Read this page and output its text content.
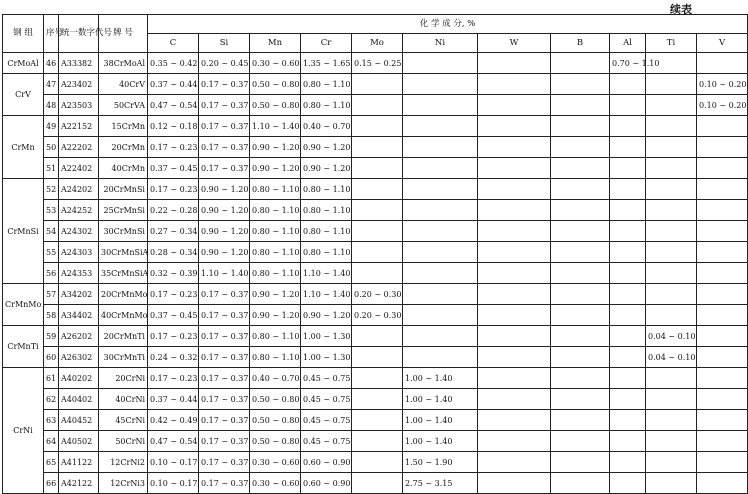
续表
钢 组	序号	统一数字代号	牌 号	化 学 成 分, %										
				C	Si	Mn	Cr	Mo	Ni	W	B	Al	Ti	V
CrMoAl	46	A33382	38CrMoAl	0.35 ~ 0.42	0.20 ~ 0.45	0.30 ~ 0.60	1.35 ~ 1.65	0.15 ~ 0.25				0.70 ~ 1.10		
CrV	47	A23402	40CrV	0.37 ~ 0.44	0.17 ~ 0.37	0.50 ~ 0.80	0.80 ~ 1.10							0.10 ~ 0.20
	48	A23503	50CrVA	0.47 ~ 0.54	0.17 ~ 0.37	0.50 ~ 0.80	0.80 ~ 1.10							0.10 ~ 0.20
CrMn	49	A22152	15CrMn	0.12 ~ 0.18	0.17 ~ 0.37	1.10 ~ 1.40	0.40 ~ 0.70							
	50	A22202	20CrMn	0.17 ~ 0.23	0.17 ~ 0.37	0.90 ~ 1.20	0.90 ~ 1.20							
	51	A22402	40CrMn	0.37 ~ 0.45	0.17 ~ 0.37	0.90 ~ 1.20	0.90 ~ 1.20							
CrMnSi	52	A24202	20CrMnSi	0.17 ~ 0.23	0.90 ~ 1.20	0.80 ~ 1.10	0.80 ~ 1.10							
	53	A24252	25CrMnSi	0.22 ~ 0.28	0.90 ~ 1.20	0.80 ~ 1.10	0.80 ~ 1.10							
	54	A24302	30CrMnSi	0.27 ~ 0.34	0.90 ~ 1.20	0.80 ~ 1.10	0.80 ~ 1.10							
	55	A24303	30CrMnSiA	0.28 ~ 0.34	0.90 ~ 1.20	0.80 ~ 1.10	0.80 ~ 1.10							
	56	A24353	35CrMnSiA	0.32 ~ 0.39	1.10 ~ 1.40	0.80 ~ 1.10	1.10 ~ 1.40							
CrMnMo	57	A34202	20CrMnMo	0.17 ~ 0.23	0.17 ~ 0.37	0.90 ~ 1.20	1.10 ~ 1.40	0.20 ~ 0.30						
	58	A34402	40CrMnMo	0.37 ~ 0.45	0.17 ~ 0.37	0.90 ~ 1.20	0.90 ~ 1.20	0.20 ~ 0.30						
CrMnTi	59	A26202	20CrMnTi	0.17 ~ 0.23	0.17 ~ 0.37	0.80 ~ 1.10	1.00 ~ 1.30						0.04 ~ 0.10	
	60	A26302	30CrMnTi	0.24 ~ 0.32	0.17 ~ 0.37	0.80 ~ 1.10	1.00 ~ 1.30						0.04 ~ 0.10	
CrNi	61	A40202	20CrNi	0.17 ~ 0.23	0.17 ~ 0.37	0.40 ~ 0.70	0.45 ~ 0.75		1.00 ~ 1.40					
	62	A40402	40CrNi	0.37 ~ 0.44	0.17 ~ 0.37	0.50 ~ 0.80	0.45 ~ 0.75		1.00 ~ 1.40					
	63	A40452	45CrNi	0.42 ~ 0.49	0.17 ~ 0.37	0.50 ~ 0.80	0.45 ~ 0.75		1.00 ~ 1.40					
	64	A40502	50CrNi	0.47 ~ 0.54	0.17 ~ 0.37	0.50 ~ 0.80	0.45 ~ 0.75		1.00 ~ 1.40					
	65	A41122	12CrNi2	0.10 ~ 0.17	0.17 ~ 0.37	0.30 ~ 0.60	0.60 ~ 0.90		1.50 ~ 1.90					
	66	A42122	12CrNi3	0.10 ~ 0.17	0.17 ~ 0.37	0.30 ~ 0.60	0.60 ~ 0.90		2.75 ~ 3.15					
